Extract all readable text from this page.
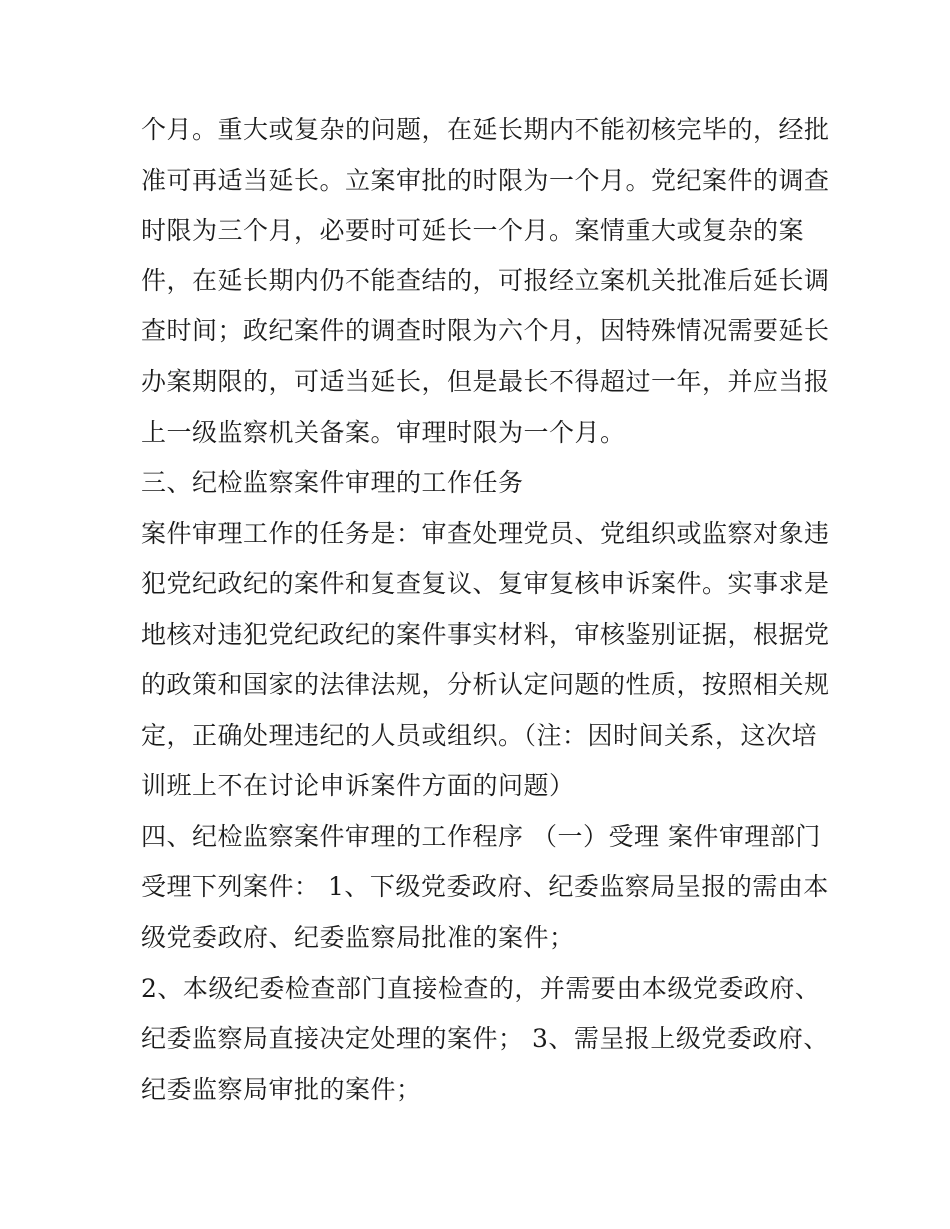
个月。重大或复杂的问题，在延长期内不能初核完毕的，经批
准可再适当延长。立案审批的时限为一个月。党纪案件的调查
时限为三个月，必要时可延长一个月。案情重大或复杂的案
件，在延长期内仍不能查结的，可报经立案机关批准后延长调
查时间；政纪案件的调查时限为六个月，因特殊情况需要延长
办案期限的，可适当延长，但是最长不得超过一年，并应当报
上一级监察机关备案。审理时限为一个月。
三、纪检监察案件审理的工作任务
案件审理工作的任务是：审查处理党员、党组织或监察对象违
犯党纪政纪的案件和复查复议、复审复核申诉案件。实事求是
地核对违犯党纪政纪的案件事实材料，审核鉴别证据，根据党
的政策和国家的法律法规，分析认定问题的性质，按照相关规
定，正确处理违纪的人员或组织。（注：因时间关系，这次培
训班上不在讨论申诉案件方面的问题）
四、纪检监察案件审理的工作程序 （一）受理 案件审理部门
受理下列案件： 1、下级党委政府、纪委监察局呈报的需由本
级党委政府、纪委监察局批准的案件；
2、本级纪委检查部门直接检查的，并需要由本级党委政府、
纪委监察局直接决定处理的案件； 3、需呈报上级党委政府、
纪委监察局审批的案件；
